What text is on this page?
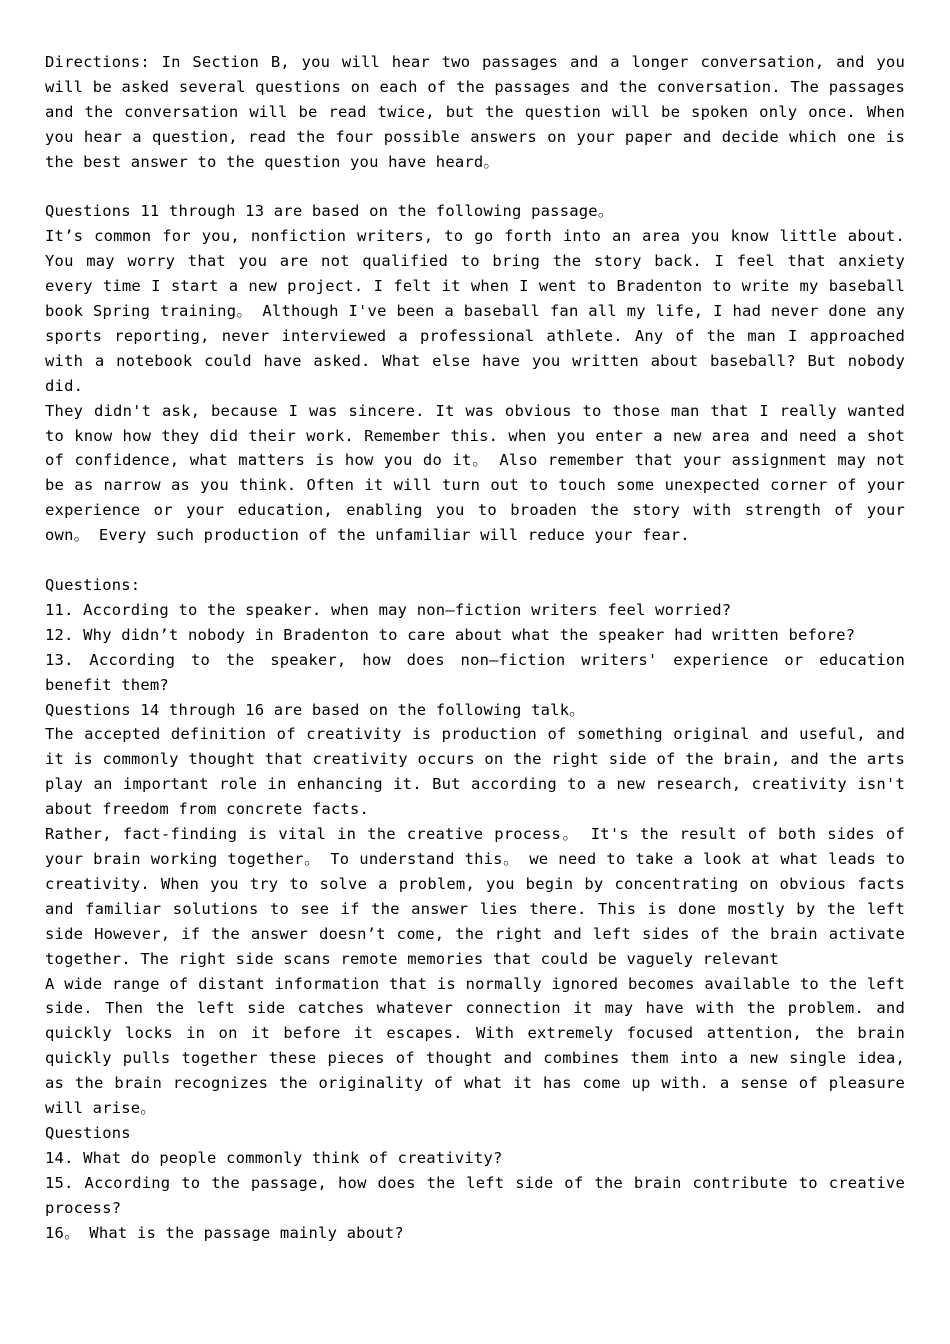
Directions: In Section B, you will hear two passages and a longer conversation, and you will be asked several questions on each of the passages and the conversation. The passages and the conversation will be read twice, but the question will be spoken only once. When you hear a question, read the four possible answers on your paper and decide which one is the best answer to the question you have heard。

Questions 11 through 13 are based on the following passage。

It’s common for you, nonfiction writers, to go forth into an area you know little about. You may worry that you are not qualified to bring the story back. I feel that anxiety every time I start a new project. I felt it when I went to Bradenton to write my baseball book Spring training。 Although I've been a baseball fan all my life, I had never done any sports reporting, never interviewed a professional athlete. Any of the man I approached with a notebook could have asked. What else have you written about baseball? But nobody did.

They didn't ask, because I was sincere. It was obvious to those man that I really wanted to know how they did their work. Remember this. when you enter a new area and need a shot of confidence, what matters is how you do it。 Also remember that your assignment may not be as narrow as you think. Often it will turn out to touch some unexpected corner of your experience or your education, enabling you to broaden the story with strength of your own。 Every such production of the unfamiliar will reduce your fear.

Questions:

11. According to the speaker. when may non—fiction writers feel worried?

12. Why didn’t nobody in Bradenton to care about what the speaker had written before?

13. According to the speaker, how does non—fiction writers' experience or education benefit them?

Questions 14 through 16 are based on the following talk。

The accepted definition of creativity is production of something original and useful, and it is commonly thought that creativity occurs on the right side of the brain, and the arts play an important role in enhancing it. But according to a new research, creativity isn't about freedom from concrete facts.

Rather, fact-finding is vital in the creative process。 It's the result of both sides of your brain working together。 To understand this。 we need to take a look at what leads to creativity. When you try to solve a problem, you begin by concentrating on obvious facts and familiar solutions to see if the answer lies there. This is done mostly by the left side However, if the answer doesn’t come, the right and left sides of the brain activate together. The right side scans remote memories that could be vaguely relevant

A wide range of distant information that is normally ignored becomes available to the left side. Then the left side catches whatever connection it may have with the problem. and quickly locks in on it before it escapes. With extremely focused attention, the brain quickly pulls together these pieces of thought and combines them into a new single idea, as the brain recognizes the originality of what it has come up with. a sense of pleasure will arise。

Questions

14. What do people commonly think of creativity?

15. According to the passage, how does the left side of the brain contribute to creative process?

16。 What is the passage mainly about?
